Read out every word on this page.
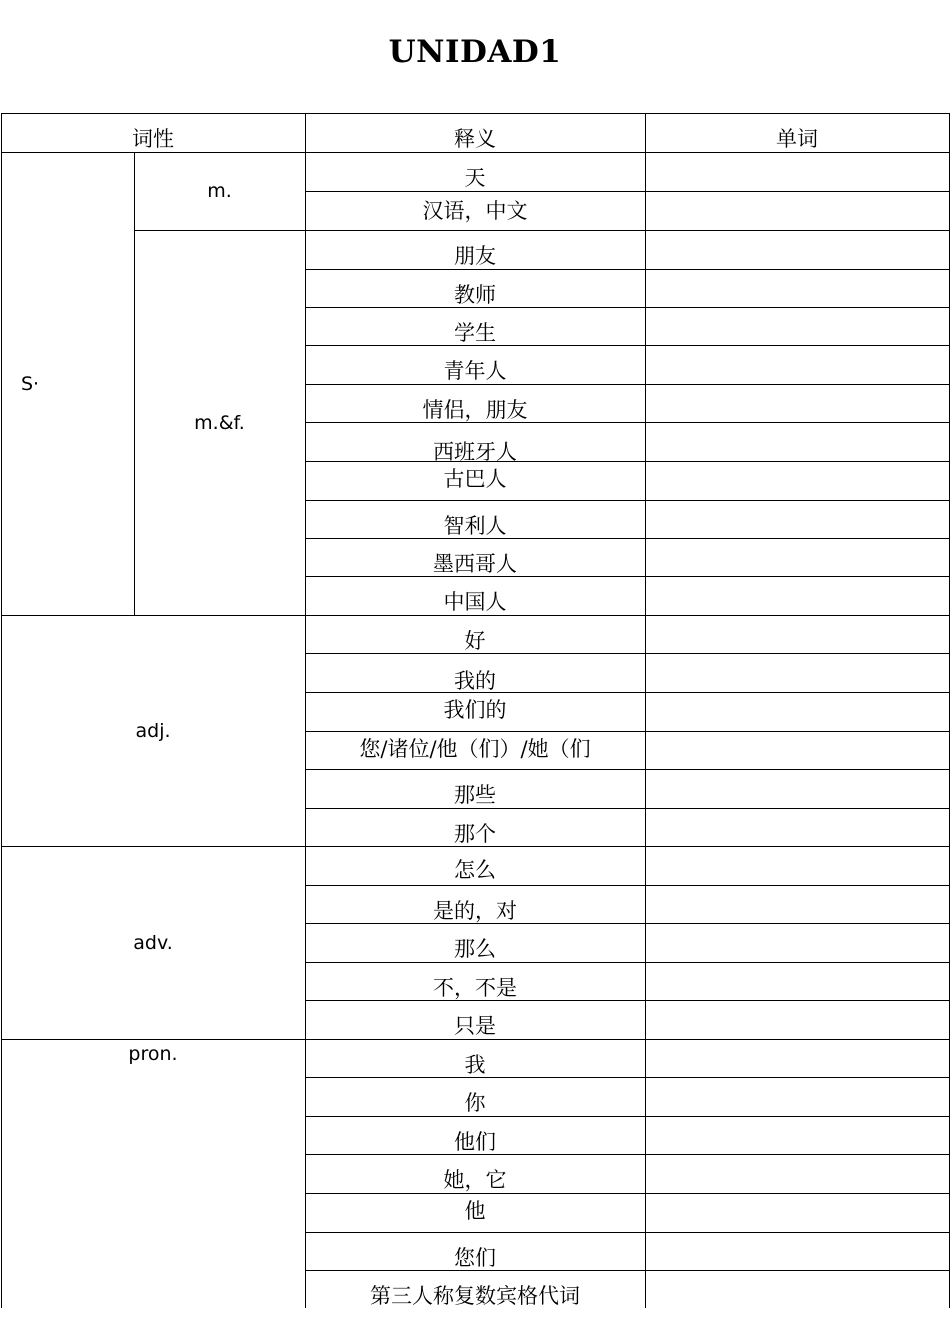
UNIDAD1
词性	释义	单词
S·
m.
m.&f.
adj.
adv.
pron.
天
汉语，中文
朋友
教师
学生
青年人
情侣，朋友
西班牙人
古巴人
智利人
墨西哥人
中国人
好
我的
我们的
您/诸位/他（们）/她（们
那些
那个
怎么
是的，对
那么
不，不是
只是
我
你
他们
她，它
他
您们
第三人称复数宾格代词
